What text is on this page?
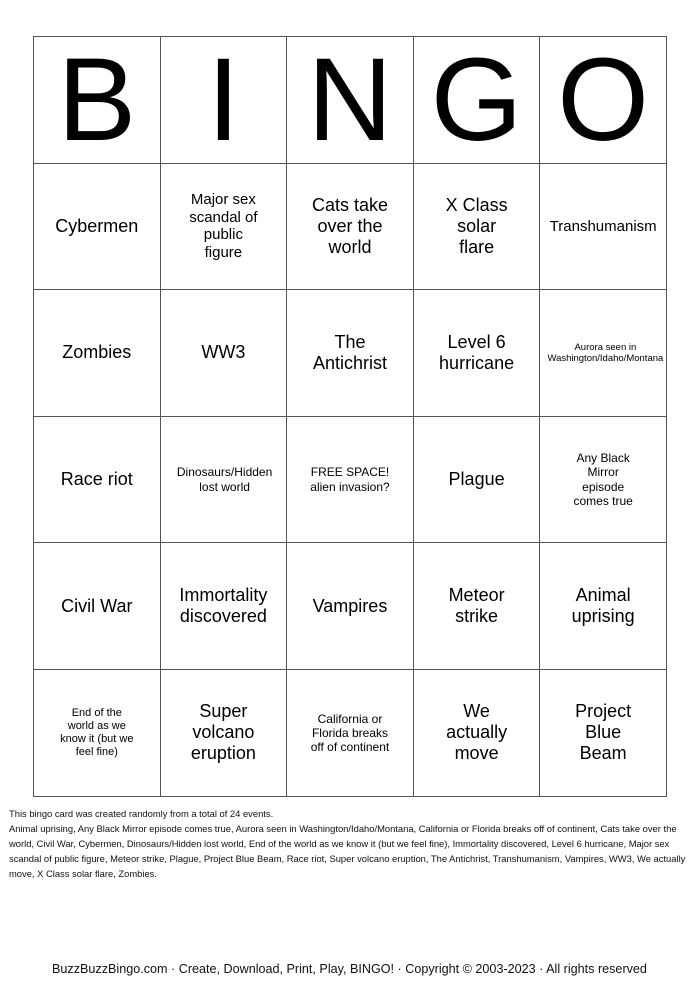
B	I	N	G	O
Cybermen	Major sex scandal of public figure	Cats take over the world	X Class solar flare	Transhumanism
Zombies	WW3	The Antichrist	Level 6 hurricane	Aurora seen in Washington/Idaho/Montana
Race riot	Dinosaurs/Hidden lost world	FREE SPACE! alien invasion?	Plague	Any Black Mirror episode comes true
Civil War	Immortality discovered	Vampires	Meteor strike	Animal uprising
End of the world as we know it (but we feel fine)	Super volcano eruption	California or Florida breaks off of continent	We actually move	Project Blue Beam
This bingo card was created randomly from a total of 24 events.
Animal uprising, Any Black Mirror episode comes true, Aurora seen in Washington/Idaho/Montana, California or Florida breaks off of continent, Cats take over the world, Civil War, Cybermen, Dinosaurs/Hidden lost world, End of the world as we know it (but we feel fine), Immortality discovered, Level 6 hurricane, Major sex scandal of public figure, Meteor strike, Plague, Project Blue Beam, Race riot, Super volcano eruption, The Antichrist, Transhumanism, Vampires, WW3, We actually move, X Class solar flare, Zombies.
BuzzBuzzBingo.com · Create, Download, Print, Play, BINGO! · Copyright © 2003-2023 · All rights reserved
